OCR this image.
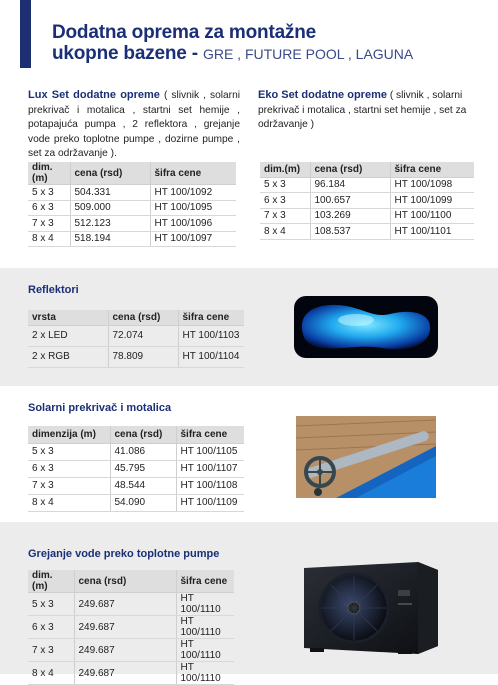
Dodatna oprema za montažne
ukopne bazene - GRE , FUTURE POOL , LAGUNA
Lux Set dodatne opreme ( slivnik , solarni prekrivač i motalica , startni set hemije , potapajuća pumpa , 2 reflektora , grejanje vode preko toplotne pumpe , dozirne pumpe , set za održavanje ).
Eko Set dodatne opreme ( slivnik , solarni prekrivač i motalica , startni set hemije , set za održavanje )
dim.(m)	cena (rsd)	šifra cene
5 x 3	504.331	HT 100/1092
6 x 3	509.000	HT 100/1095
7 x 3	512.123	HT 100/1096
8 x 4	518.194	HT 100/1097
dim.(m)	cena (rsd)	šifra cene
5 x 3	96.184	HT 100/1098
6 x 3	100.657	HT 100/1099
7 x 3	103.269	HT 100/1100
8 x 4	108.537	HT 100/1101
Reflektori
vrsta	cena (rsd)	šifra cene
2 x LED	72.074	HT 100/1103
2 x RGB	78.809	HT 100/1104
Solarni prekrivač i motalica
dimenzija (m)	cena (rsd)	šifra cene
5 x 3	41.086	HT 100/1105
6 x 3	45.795	HT 100/1107
7 x 3	48.544	HT 100/1108
8 x 4	54.090	HT 100/1109
Grejanje vode preko toplotne pumpe
dim. (m)	cena (rsd)	šifra cene
5 x 3	249.687	HT 100/1110
6 x 3	249.687	HT 100/1110
7 x 3	249.687	HT 100/1110
8 x 4	249.687	HT 100/1110
